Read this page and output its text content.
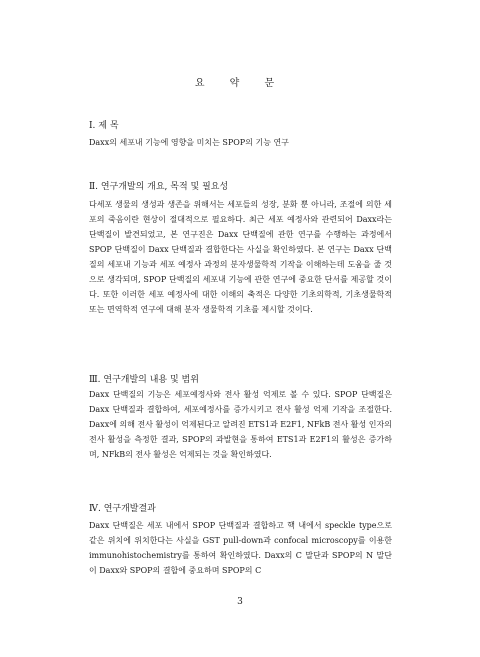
요 약 문
Ⅰ. 제 목
Daxx의 세포내 기능에 영향을 미치는 SPOP의 기능 연구
Ⅱ. 연구개발의 개요, 목적 및 필요성

다세포 생물의 생성과 생존을 위해서는 세포들의 성장, 분화 뿐 아니라, 조절에 의한 세포의 죽음이란 현상이 절대적으로 필요하다. 최근 세포 예정사와 관련되어 Daxx라는 단백질이 발견되었고, 본 연구진은 Daxx 단백질에 관한 연구를 수행하는 과정에서 SPOP 단백질이 Daxx 단백질과 결합한다는 사실을 확인하였다. 본 연구는 Daxx 단백질의 세포내 기능과 세포 예정사 과정의 분자생물학적 기작을 이해하는데 도움을 줄 것으로 생각되며, SPOP 단백질의 세포내 기능에 관한 연구에 중요한 단서를 제공할 것이다. 또한 이러한 세포 예정사에 대한 이해의 축적은 다양한 기초의학적, 기초생물학적 또는 면역학적 연구에 대해 분자 생물학적 기초를 제시할 것이다.

Ⅲ. 연구개발의 내용 및 범위

Daxx 단백질의 기능은 세포예정사와 전사 활성 억제로 볼 수 있다. SPOP 단백질은 Daxx 단백질과 결합하여, 세포예정사를 증가시키고 전사 활성 억제 기작을 조절한다. Daxx에 의해 전사 활성이 억제된다고 알려진 ETS1과 E2F1, NFkB 전사 활성 인자의 전사 활성을 측정한 결과, SPOP의 과발현을 통하여 ETS1과 E2F1의 활성은 증가하며, NFkB의 전사 활성은 억제되는 것을 확인하였다.

Ⅳ. 연구개발결과

Daxx 단백질은 세포 내에서 SPOP 단백질과 결합하고 핵 내에서 speckle type으로 같은 위치에 위치한다는 사실을 GST pull-down과 confocal microscopy를 이용한 immunohistochemistry를 통하여 확인하였다. Daxx의 C 말단과 SPOP의 N 말단이 Daxx와 SPOP의 결합에 중요하며 SPOP의 C

3
